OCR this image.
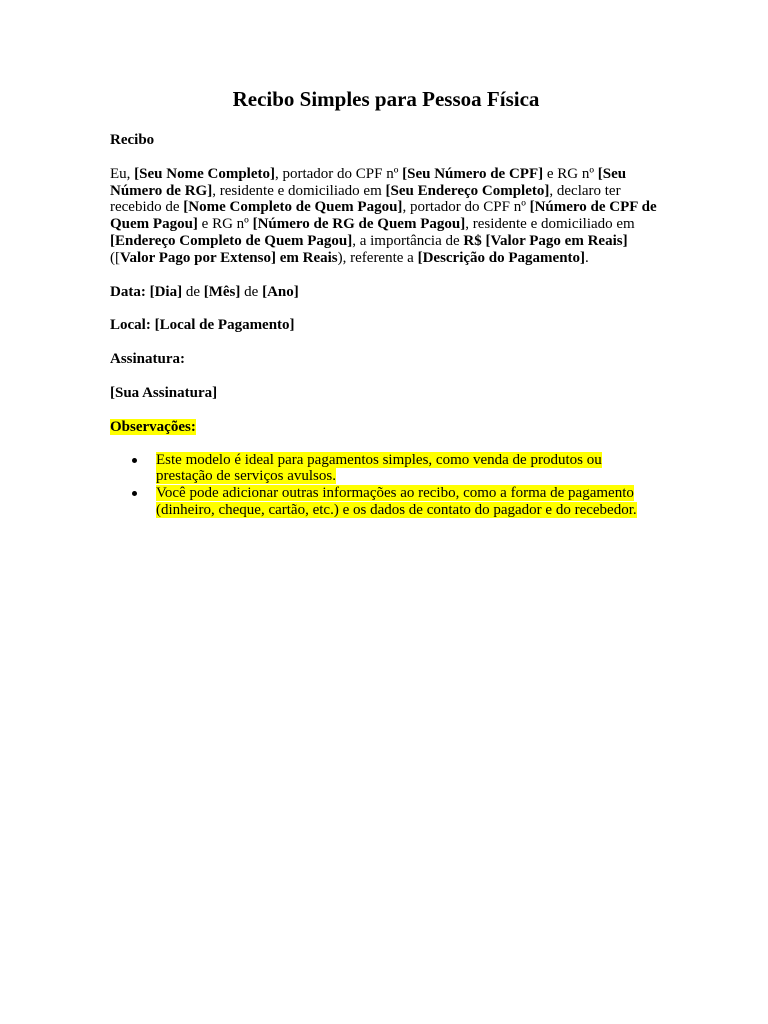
Recibo Simples para Pessoa Física

Recibo

Eu, [Seu Nome Completo], portador do CPF nº [Seu Número de CPF] e RG nº [Seu Número de RG], residente e domiciliado em [Seu Endereço Completo], declaro ter recebido de [Nome Completo de Quem Pagou], portador do CPF nº [Número de CPF de Quem Pagou] e RG nº [Número de RG de Quem Pagou], residente e domiciliado em [Endereço Completo de Quem Pagou], a importância de R$ [Valor Pago em Reais] ([Valor Pago por Extenso] em Reais), referente a [Descrição do Pagamento].

Data: [Dia] de [Mês] de [Ano]

Local: [Local de Pagamento]

Assinatura:

[Sua Assinatura]

Observações:

Este modelo é ideal para pagamentos simples, como venda de produtos ou prestação de serviços avulsos.
Você pode adicionar outras informações ao recibo, como a forma de pagamento (dinheiro, cheque, cartão, etc.) e os dados de contato do pagador e do recebedor.
